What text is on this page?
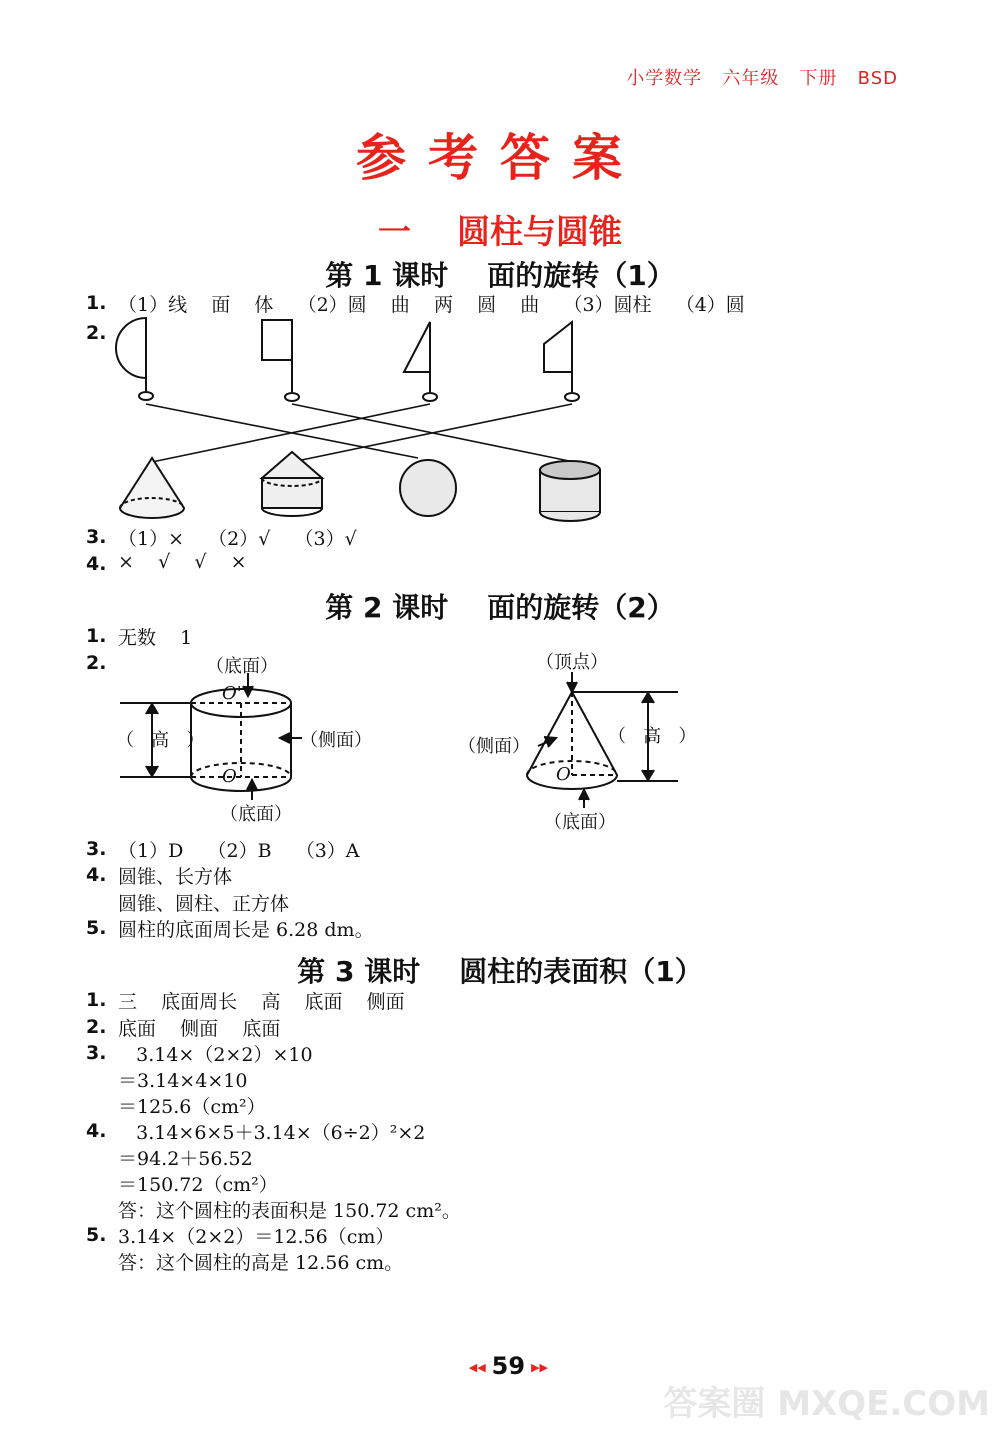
小学数学   六年级   下册   BSD
参考答案
一 圆柱与圆锥
第 1 课时    面的旋转（1）
1. （1）线    面    体    （2）圆    曲    两    圆    曲    （3）圆柱    （4）圆
2.
3. （1）×    （2）√    （3）√
4. ×    √    √    ×
第 2 课时    面的旋转（2）
1. 无数    1
2.	（底面）
O'
（   高   ）	（侧面）
O
（底面）
（顶点）
（   高   ）
（侧面）
O
（底面）
3. （1）D    （2）B    （3）A
4. 圆锥、长方体
圆锥、圆柱、正方体
5. 圆柱的底面周长是 6.28 dm。
第 3 课时    圆柱的表面积（1）
1. 三    底面周长    高    底面    侧面
2. 底面    侧面    底面
3. 3.14×（2×2）×10
＝3.14×4×10
＝125.6（cm²）
4. 3.14×6×5＋3.14×（6÷2）²×2
＝94.2＋56.52
＝150.72（cm²）
答：这个圆柱的表面积是 150.72 cm²。
5. 3.14×（2×2）＝12.56（cm）
答：这个圆柱的高是 12.56 cm。

◀◀ 59 ▶▶

答案圈 MXQE.COM
